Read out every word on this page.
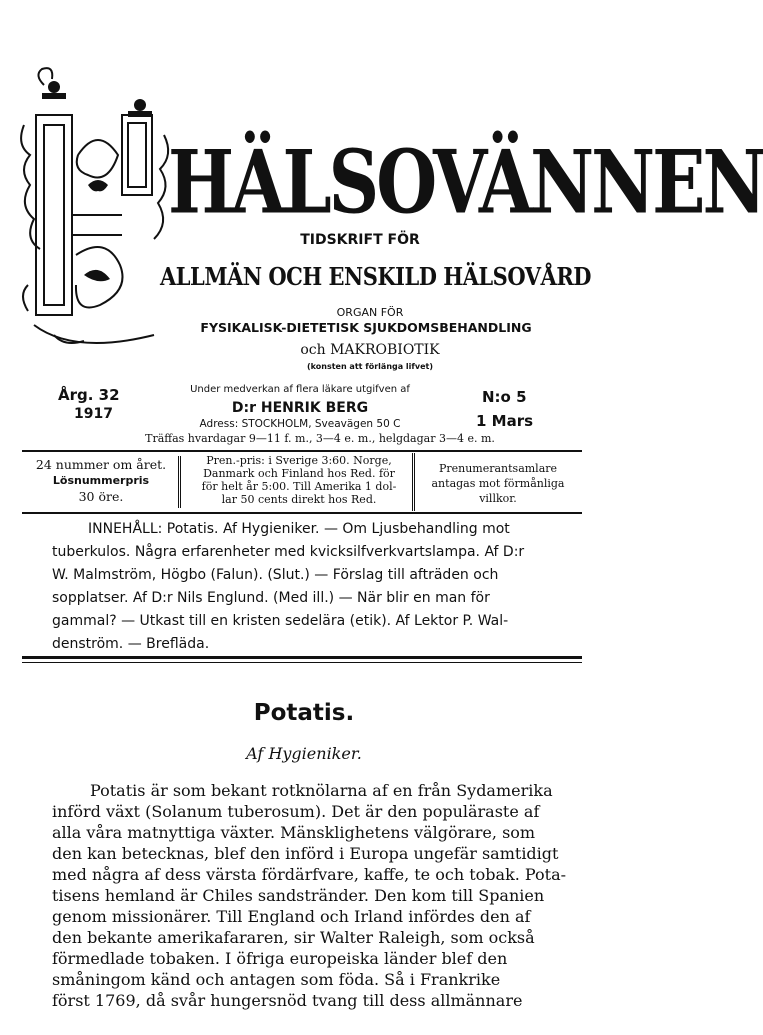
HÄLSOVÄNNEN
TIDSKRIFT FÖR
ALLMÄN OCH ENSKILD HÄLSOVÅRD
ORGAN FÖR
FYSIKALISK-DIETETISK SJUKDOMSBEHANDLING
och MAKROBIOTIK
(konsten att förlänga lifvet)
Årg. 32
1917
Under medverkan af flera läkare utgifven af
D:r HENRIK BERG
Adress: STOCKHOLM, Sveavägen 50 C
Träffas hvardagar 9—11 f. m., 3—4 e. m., helgdagar 3—4 e. m.
N:o 5
1 Mars
24 nummer om året.
Lösnummerpris
30 öre.
Pren.-pris: i Sverige 3:60. Norge,
Danmark och Finland hos Red. för
för helt år 5:00. Till Amerika 1 dol-
lar 50 cents direkt hos Red.
Prenumerantsamlare
antagas mot förmånliga
villkor.
INNEHÅLL: Potatis. Af Hygieniker. — Om Ljusbehandling mot
tuberkulos. Några erfarenheter med kvicksilfverkvartslampa. Af D:r
W. Malmström, Högbo (Falun). (Slut.) — Förslag till afträden och
sopplatser. Af D:r Nils Englund. (Med ill.) — När blir en man för
gammal? — Utkast till en kristen sedelära (etik). Af Lektor P. Wal-
denström. — Brefläda.
Potatis.
Af Hygieniker.
Potatis är som bekant rotknölarna af en från Sydamerika
införd växt (Solanum tuberosum). Det är den populäraste af
alla våra matnyttiga växter. Mänsklighetens välgörare, som
den kan betecknas, blef den införd i Europa ungefär samtidigt
med några af dess värsta fördärfvare, kaffe, te och tobak. Pota-
tisens hemland är Chiles sandstränder. Den kom till Spanien
genom missionärer. Till England och Irland infördes den af
den bekante amerikafararen, sir Walter Raleigh, som också
förmedlade tobaken. I öfriga europeiska länder blef den
småningom känd och antagen som föda. Så i Frankrike
först 1769, då svår hungersnöd tvang till dess allmännare
